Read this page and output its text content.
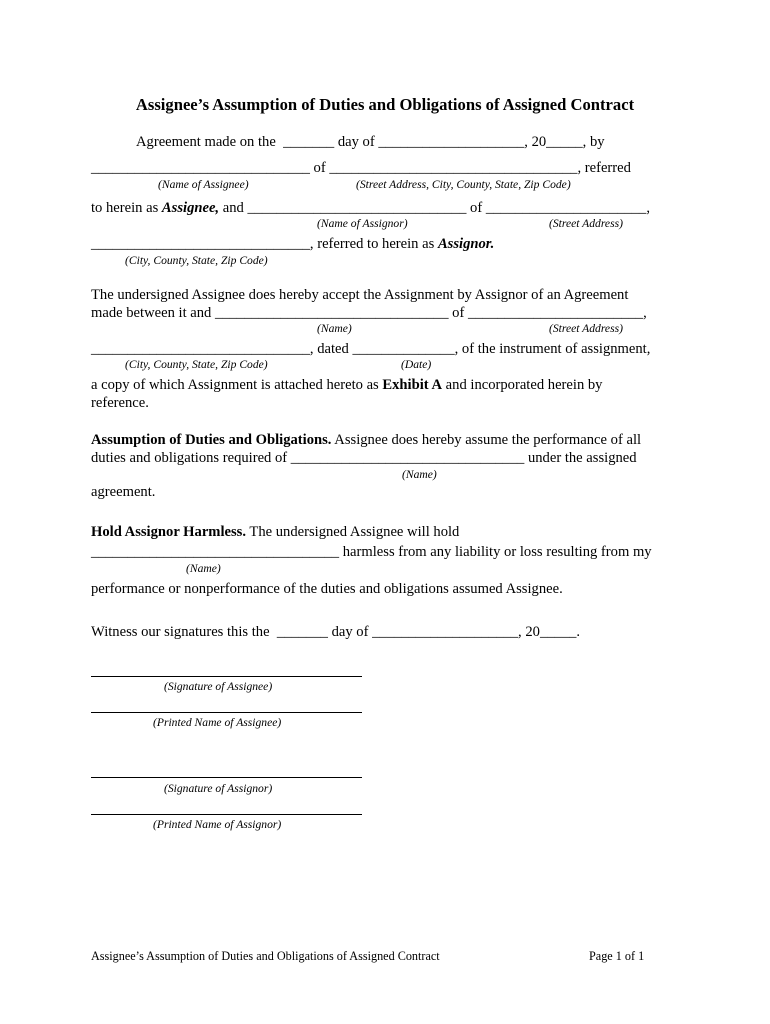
Assignee’s Assumption of Duties and Obligations of Assigned Contract
Agreement made on the  _______ day of ____________________, 20_____, by
______________________________ of __________________________________, referred
(Name of Assignee)	(Street Address, City, County, State, Zip Code)
to herein as Assignee, and ______________________________ of ______________________,
(Name of Assignor)	(Street Address)
______________________________, referred to herein as Assignor.
(City, County, State, Zip Code)
The undersigned Assignee does hereby accept the Assignment by Assignor of an Agreement
made between it and ________________________________ of ________________________,
(Name)	(Street Address)
______________________________, dated ______________, of the instrument of assignment,
(City, County, State, Zip Code)	(Date)
a copy of which Assignment is attached hereto as Exhibit A and incorporated herein by
reference.
Assumption of Duties and Obligations. Assignee does hereby assume the performance of all
duties and obligations required of ________________________________ under the assigned
(Name)
agreement.
Hold Assignor Harmless. The undersigned Assignee will hold
__________________________________ harmless from any liability or loss resulting from my
(Name)
performance or nonperformance of the duties and obligations assumed Assignee.
Witness our signatures this the  _______ day of ____________________, 20_____.
(Signature of Assignee)
(Printed Name of Assignee)
(Signature of Assignor)
(Printed Name of Assignor)
Assignee’s Assumption of Duties and Obligations of Assigned Contract	Page 1 of 1
